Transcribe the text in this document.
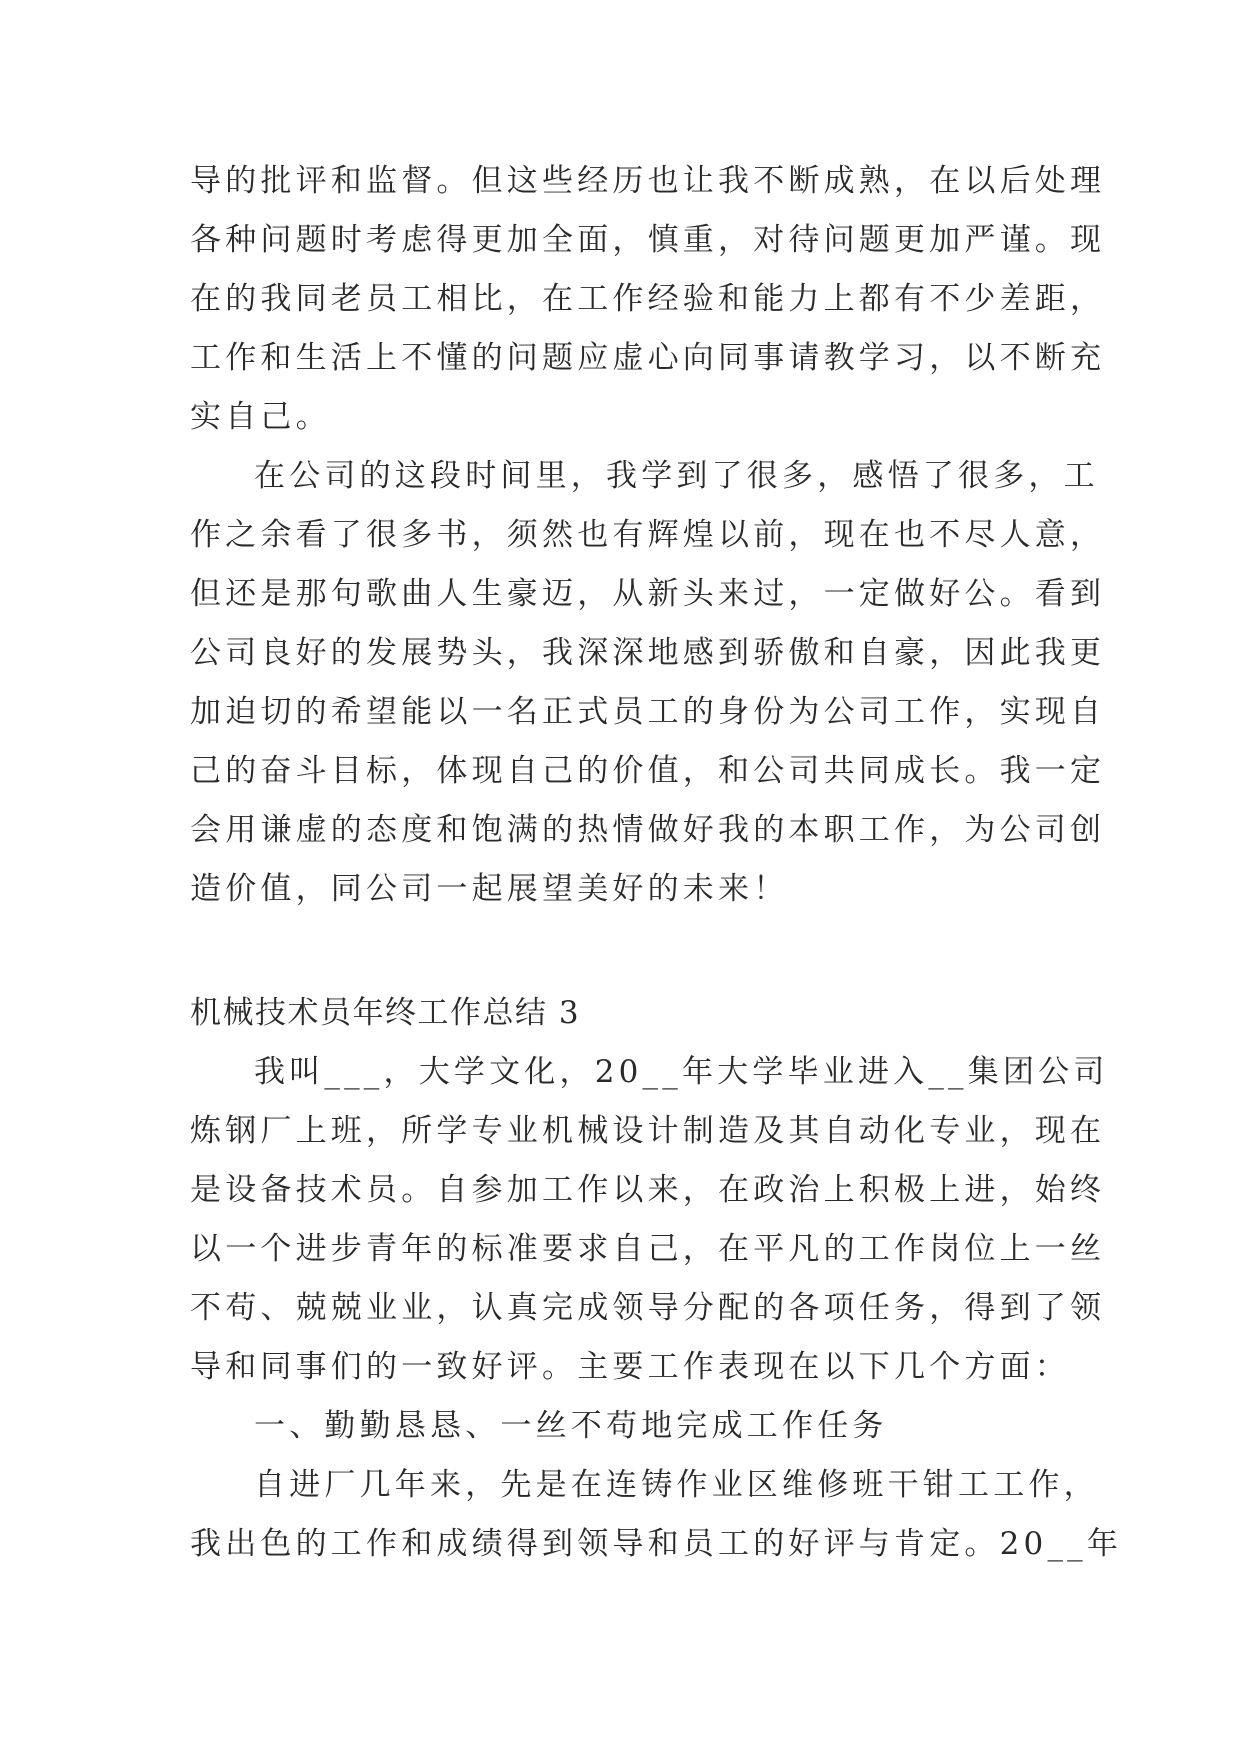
导的批评和监督。但这些经历也让我不断成熟，在以后处理
各种问题时考虑得更加全面，慎重，对待问题更加严谨。现
在的我同老员工相比，在工作经验和能力上都有不少差距，
工作和生活上不懂的问题应虚心向同事请教学习，以不断充
实自己。
在公司的这段时间里，我学到了很多，感悟了很多，工
作之余看了很多书，须然也有辉煌以前，现在也不尽人意，
但还是那句歌曲人生豪迈，从新头来过，一定做好公。看到
公司良好的发展势头，我深深地感到骄傲和自豪，因此我更
加迫切的希望能以一名正式员工的身份为公司工作，实现自
己的奋斗目标，体现自己的价值，和公司共同成长。我一定
会用谦虚的态度和饱满的热情做好我的本职工作，为公司创
造价值，同公司一起展望美好的未来！
机械技术员年终工作总结 3
我叫___，大学文化，20__年大学毕业进入__集团公司
炼钢厂上班，所学专业机械设计制造及其自动化专业，现在
是设备技术员。自参加工作以来，在政治上积极上进，始终
以一个进步青年的标准要求自己，在平凡的工作岗位上一丝
不苟、兢兢业业，认真完成领导分配的各项任务，得到了领
导和同事们的一致好评。主要工作表现在以下几个方面：
一、勤勤恳恳、一丝不苟地完成工作任务
自进厂几年来，先是在连铸作业区维修班干钳工工作，
我出色的工作和成绩得到领导和员工的好评与肯定。20__年
